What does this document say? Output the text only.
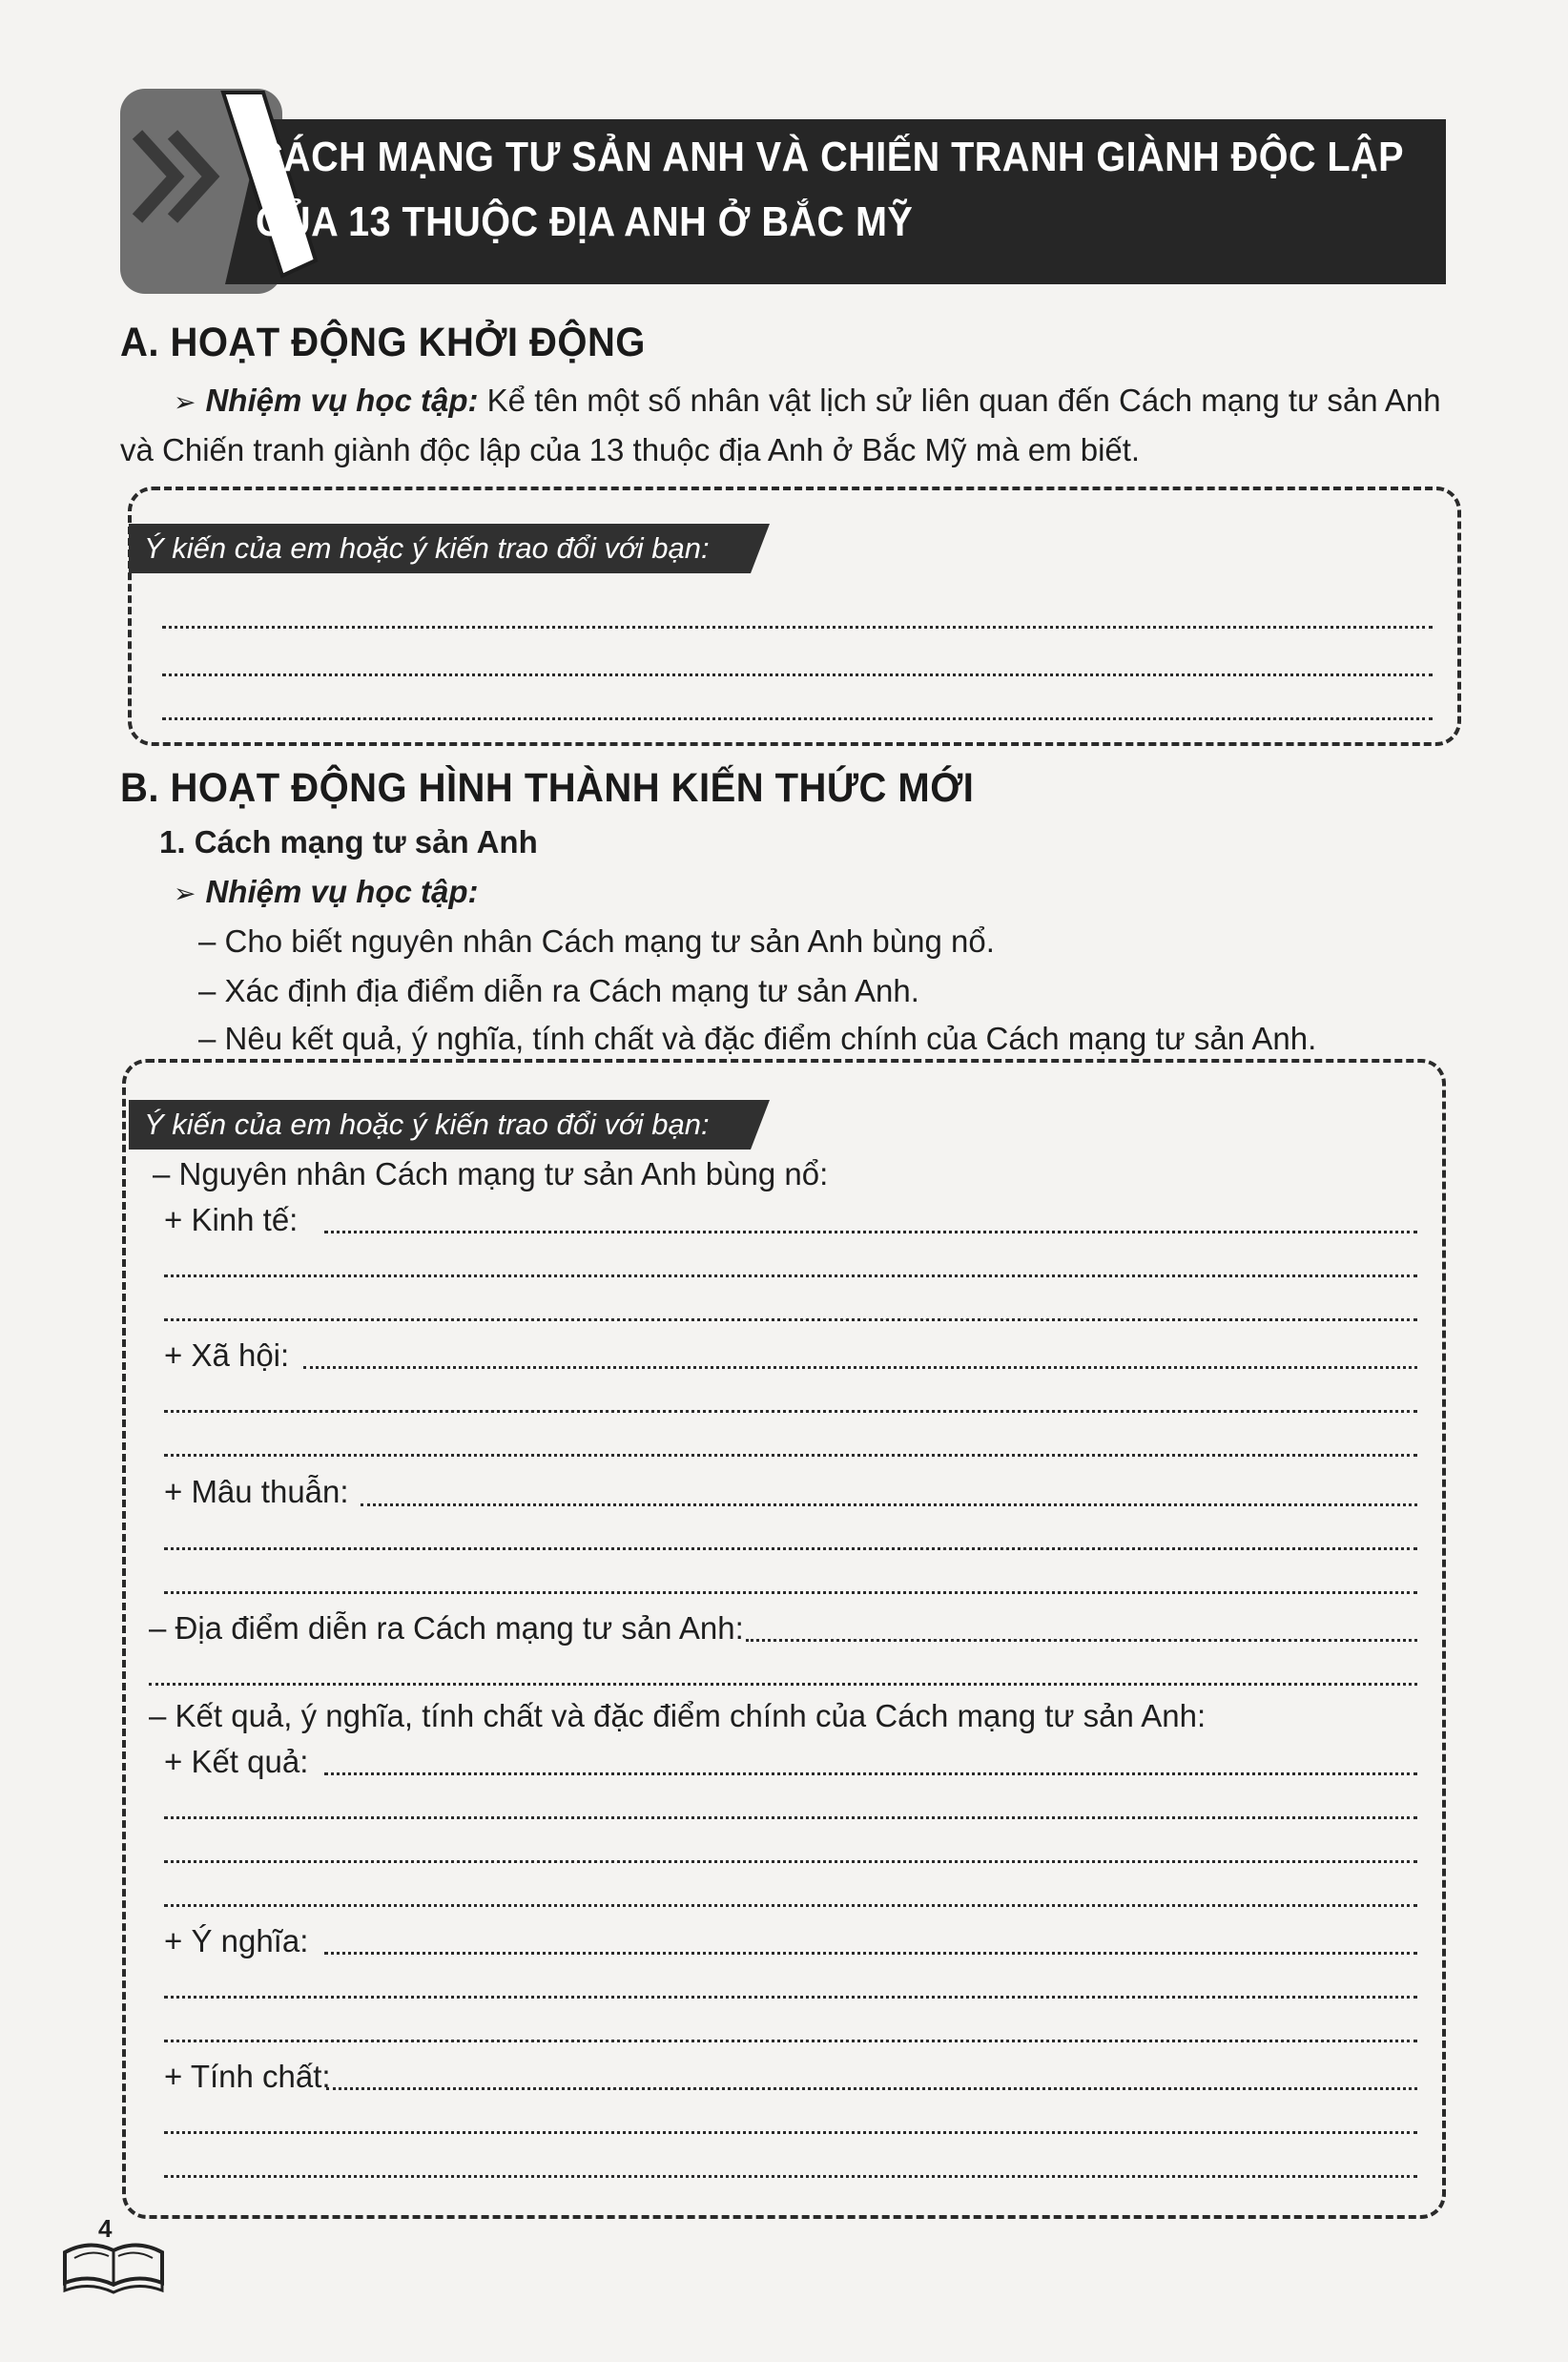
CÁCH MẠNG TƯ SẢN ANH VÀ CHIẾN TRANH GIÀNH ĐỘC LẬP
CỦA 13 THUỘC ĐỊA ANH Ở BẮC MỸ
A. HOẠT ĐỘNG KHỞI ĐỘNG
➢ Nhiệm vụ học tập: Kể tên một số nhân vật lịch sử liên quan đến Cách mạng tư sản Anh
và Chiến tranh giành độc lập của 13 thuộc địa Anh ở Bắc Mỹ mà em biết.
Ý kiến của em hoặc ý kiến trao đổi với bạn:
B. HOẠT ĐỘNG HÌNH THÀNH KIẾN THỨC MỚI
1. Cách mạng tư sản Anh
➢ Nhiệm vụ học tập:
– Cho biết nguyên nhân Cách mạng tư sản Anh bùng nổ.
– Xác định địa điểm diễn ra Cách mạng tư sản Anh.
– Nêu kết quả, ý nghĩa, tính chất và đặc điểm chính của Cách mạng tư sản Anh.
Ý kiến của em hoặc ý kiến trao đổi với bạn:
– Nguyên nhân Cách mạng tư sản Anh bùng nổ:
+ Kinh tế:
+ Xã hội:
+ Mâu thuẫn:
– Địa điểm diễn ra Cách mạng tư sản Anh:
– Kết quả, ý nghĩa, tính chất và đặc điểm chính của Cách mạng tư sản Anh:
+ Kết quả:
+ Ý nghĩa:
+ Tính chất:
4
